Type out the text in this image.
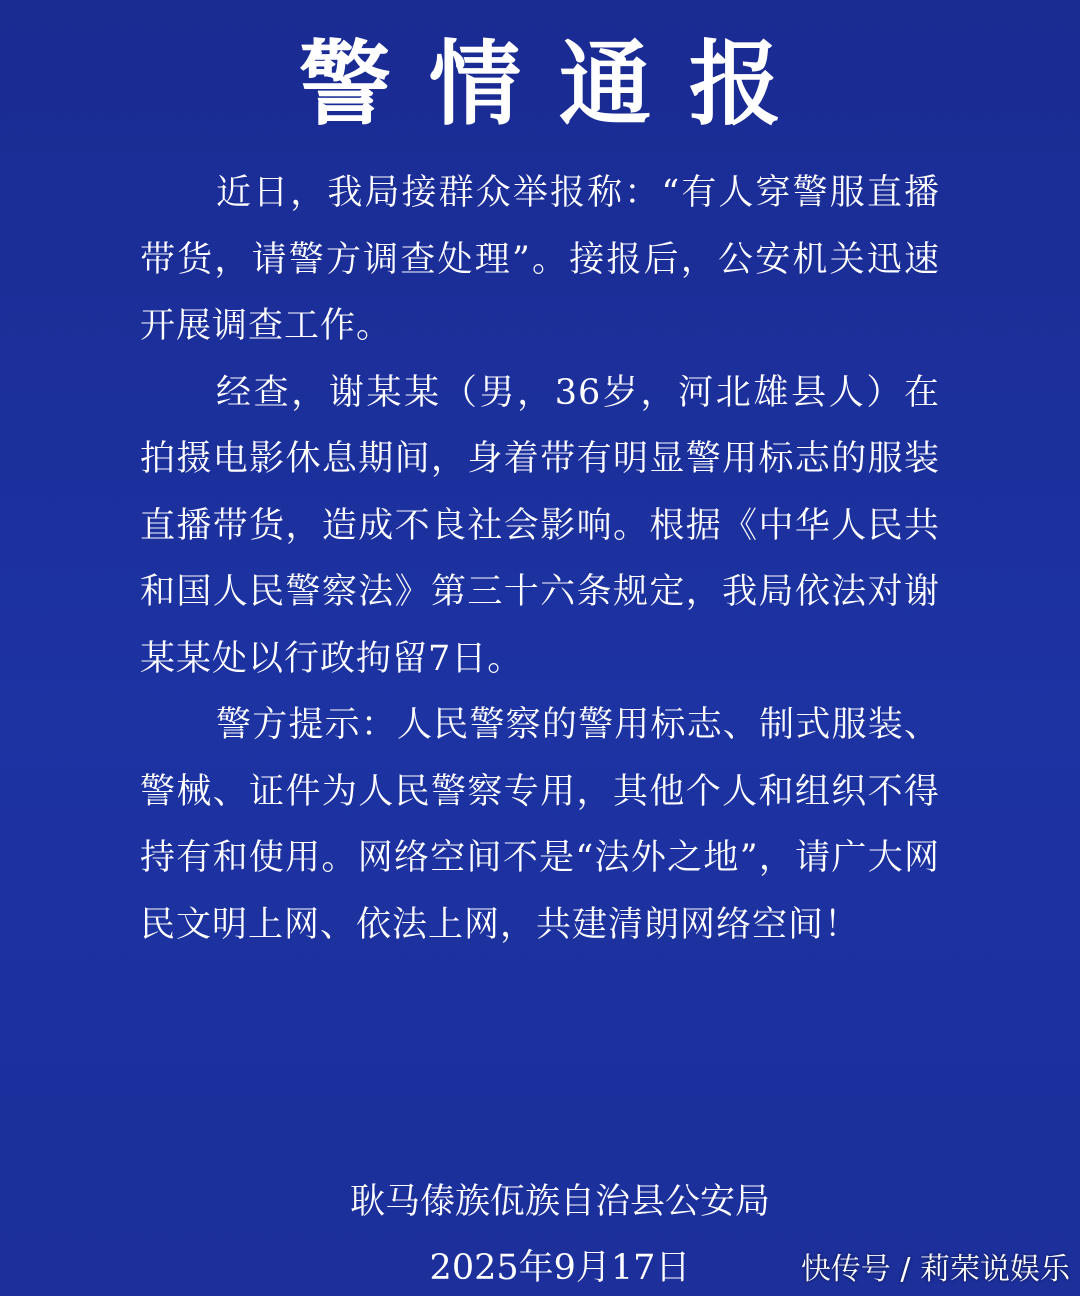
警情通报

近日，我局接群众举报称：“有人穿警服直播带货，请警方调查处理”。接报后，公安机关迅速开展调查工作。

经查，谢某某（男，36岁，河北雄县人）在拍摄电影休息期间，身着带有明显警用标志的服装直播带货，造成不良社会影响。根据《中华人民共和国人民警察法》第三十六条规定，我局依法对谢某某处以行政拘留7日。

警方提示：人民警察的警用标志、制式服装、警械、证件为人民警察专用，其他个人和组织不得持有和使用。网络空间不是“法外之地”，请广大网民文明上网、依法上网，共建清朗网络空间！

耿马傣族佤族自治县公安局
2025年9月17日	快传号 / 莉荣说娱乐
